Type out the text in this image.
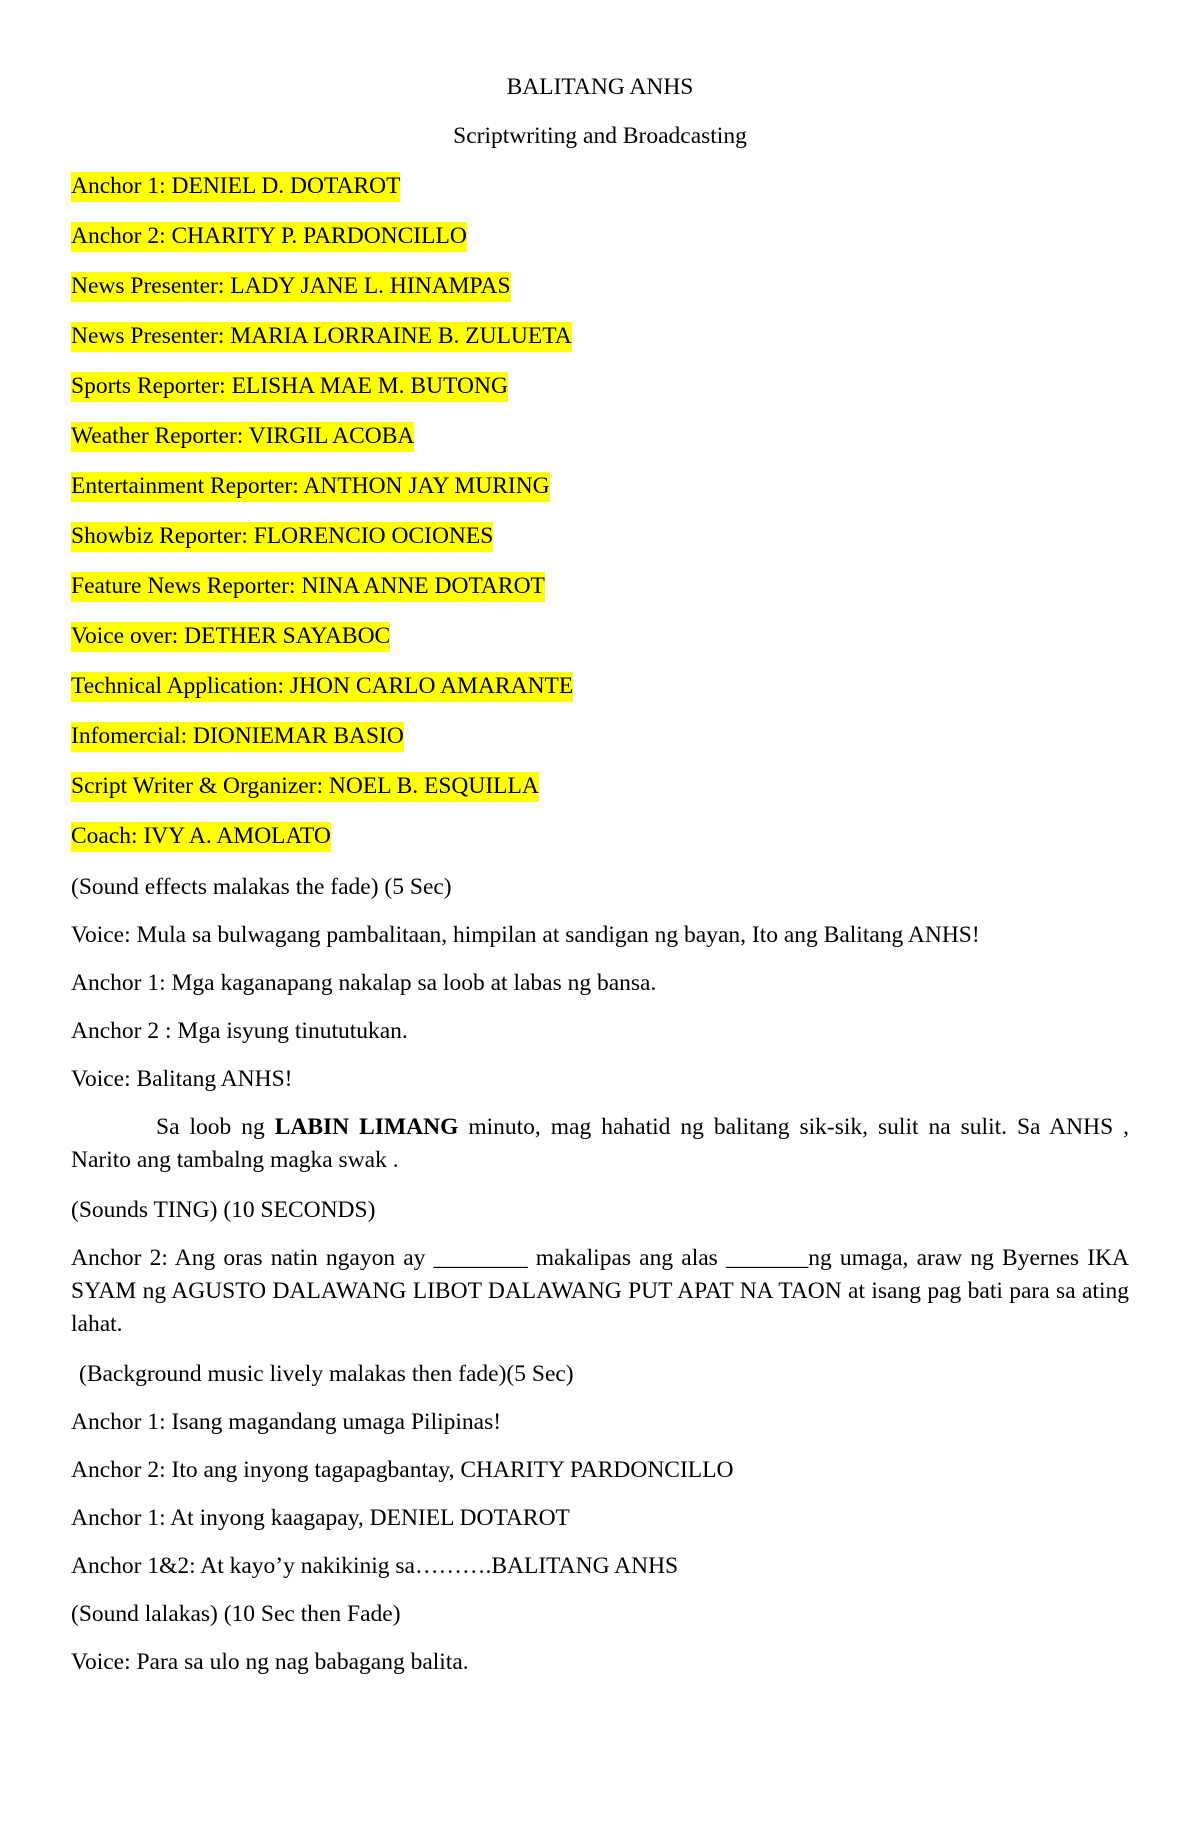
BALITANG ANHS

Scriptwriting and Broadcasting

Anchor 1: DENIEL D. DOTAROT

Anchor 2: CHARITY P. PARDONCILLO

News Presenter: LADY JANE L. HINAMPAS

News Presenter: MARIA LORRAINE B. ZULUETA

Sports Reporter: ELISHA MAE M. BUTONG

Weather Reporter: VIRGIL ACOBA

Entertainment Reporter: ANTHON JAY MURING

Showbiz Reporter: FLORENCIO OCIONES

Feature News Reporter: NINA ANNE DOTAROT

Voice over: DETHER SAYABOC

Technical Application: JHON CARLO AMARANTE

Infomercial: DIONIEMAR BASIO

Script Writer & Organizer: NOEL B. ESQUILLA

Coach: IVY A. AMOLATO

(Sound effects malakas the fade) (5 Sec)

Voice: Mula sa bulwagang pambalitaan, himpilan at sandigan ng bayan, Ito ang Balitang ANHS!

Anchor 1: Mga kaganapang nakalap sa loob at labas ng bansa.

Anchor 2 : Mga isyung tinututukan.

Voice: Balitang ANHS!

Sa loob ng LABIN LIMANG minuto, mag hahatid ng balitang sik-sik, sulit na sulit. Sa ANHS , Narito ang tambalng magka swak .

(Sounds TING) (10 SECONDS)

Anchor 2: Ang oras natin ngayon ay ________ makalipas ang alas _______ng umaga, araw ng Byernes IKA SYAM ng AGUSTO DALAWANG LIBOT DALAWANG PUT APAT NA TAON at isang pag bati para sa ating lahat.

(Background music lively malakas then fade)(5 Sec)

Anchor 1: Isang magandang umaga Pilipinas!

Anchor 2: Ito ang inyong tagapagbantay, CHARITY PARDONCILLO

Anchor 1: At inyong kaagapay, DENIEL DOTAROT

Anchor 1&2: At kayo’y nakikinig sa……….BALITANG ANHS

(Sound lalakas) (10 Sec then Fade)

Voice: Para sa ulo ng nag babagang balita.
